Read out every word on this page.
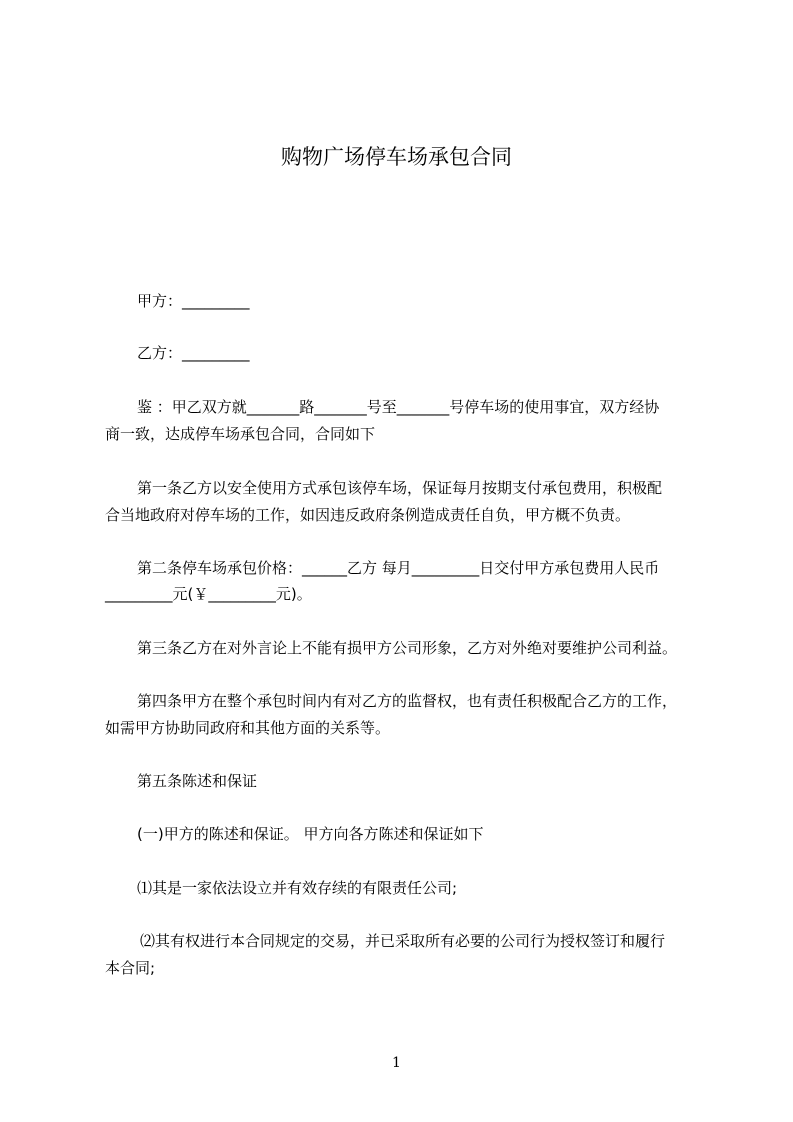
购物广场停车场承包合同
甲方：_________
乙方：_________
鉴 ：甲乙双方就_______路_______号至_______号停车场的使用事宜，双方经协
商一致，达成停车场承包合同，合同如下
第一条乙方以安全使用方式承包该停车场，保证每月按期支付承包费用，积极配
合当地政府对停车场的工作，如因违反政府条例造成责任自负，甲方概不负责。
第二条停车场承包价格：______乙方 每月_________日交付甲方承包费用人民币
_________元(￥_________元)。
第三条乙方在对外言论上不能有损甲方公司形象，乙方对外绝对要维护公司利益。
第四条甲方在整个承包时间内有对乙方的监督权，也有责任积极配合乙方的工作，
如需甲方协助同政府和其他方面的关系等。
第五条陈述和保证
(一)甲方的陈述和保证。 甲方向各方陈述和保证如下
⑴其是一家依法设立并有效存续的有限责任公司;
⑵其有权进行本合同规定的交易，并已采取所有必要的公司行为授权签订和履行
本合同;
1
